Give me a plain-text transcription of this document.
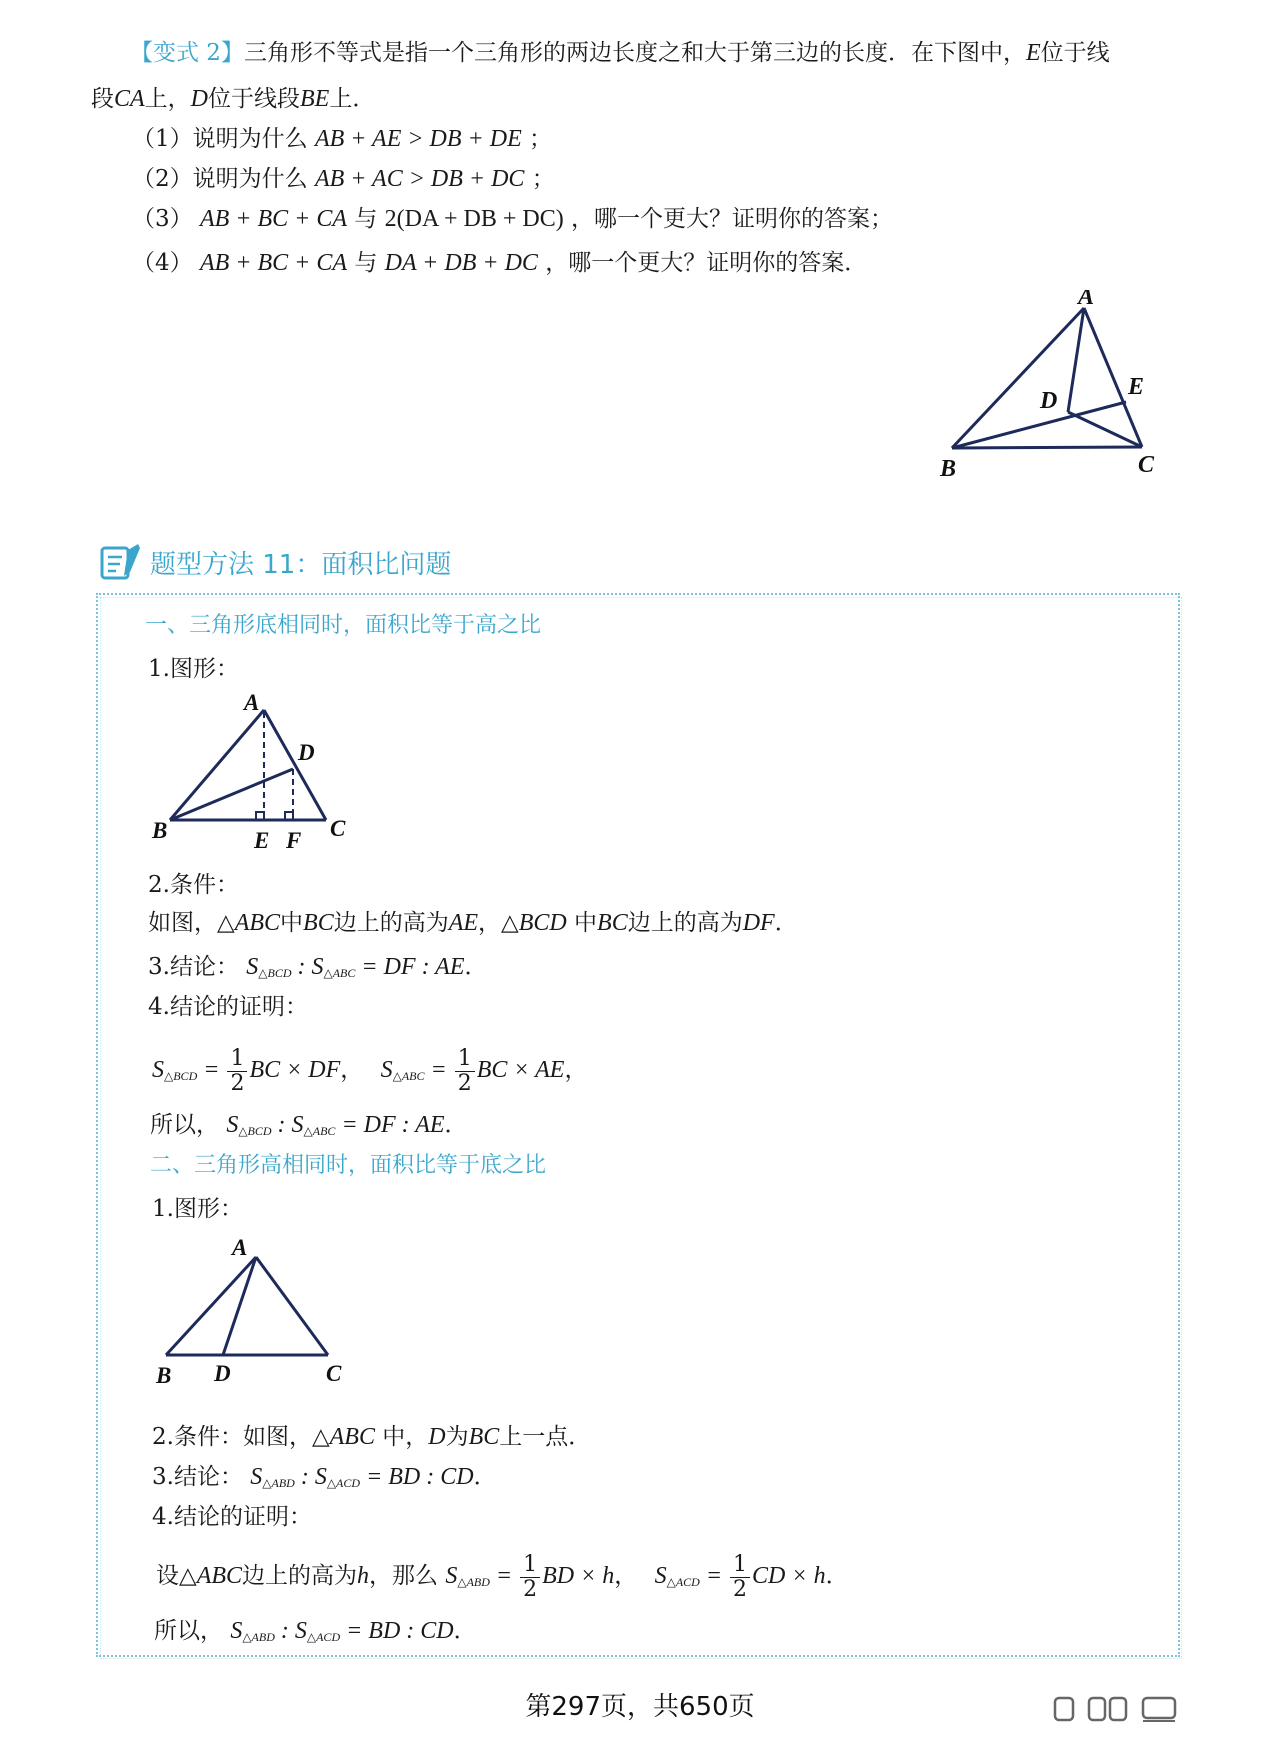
【变式 2】三角形不等式是指一个三角形的两边长度之和大于第三边的长度．在下图中，E位于线
段CA上，D位于线段BE上．
（1）说明为什么 AB + AE > DB + DE ；
（2）说明为什么 AB + AC > DB + DC ；
（3） AB + BC + CA 与 2(DA + DB + DC) ，哪一个更大？证明你的答案；
（4） AB + BC + CA 与 DA + DB + DC ，哪一个更大？证明你的答案．
A
B	C
D
E
题型方法 11：面积比问题
一、三角形底相同时，面积比等于高之比
1.图形：
A
B	C
D
E F
2.条件：
如图，△ABC中BC边上的高为AE，△BCD 中BC边上的高为DF．
3.结论： $S_{\triangle BCD}$ : $S_{\triangle ABC}$ = DF : AE．
4.结论的证明：
$S_{\triangle BCD} = \frac{1}{2}$ BC × DF， $S_{\triangle ABC} = \frac{1}{2}$ BC × AE，
所以， $S_{\triangle BCD}$ : $S_{\triangle ABC}$ = DF : AE．
二、三角形高相同时，面积比等于底之比
1.图形：
A
B D	C
2.条件：如图，△ABC 中，D为BC上一点．
3.结论： $S_{\triangle ABD}$ : $S_{\triangle ACD}$ = BD : CD．
4.结论的证明：
设△ABC边上的高为h，那么 $S_{\triangle ABD} = \frac{1}{2}$ BD × h， $S_{\triangle ACD} = \frac{1}{2}$ CD × h．
所以， $S_{\triangle ABD}$ : $S_{\triangle ACD}$ = BD : CD．
第297页，共650页
